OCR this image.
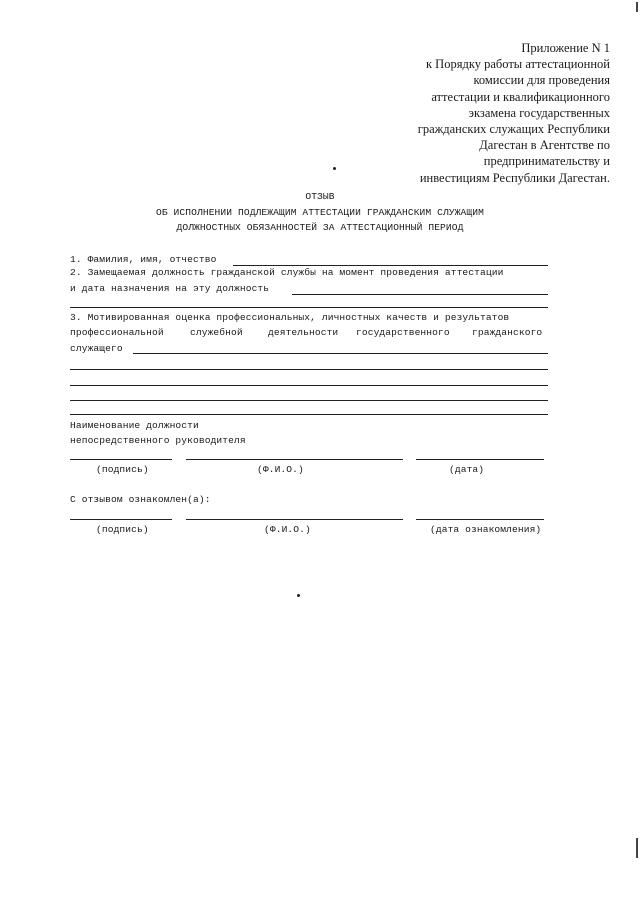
Приложение N 1
к Порядку работы аттестационной
комиссии для проведения
аттестации и квалификационного
экзамена государственных
гражданских служащих Республики
Дагестан в Агентстве по
предпринимательству и
инвестициям Республики Дагестан.
ОТЗЫВ
ОБ ИСПОЛНЕНИИ ПОДЛЕЖАЩИМ АТТЕСТАЦИИ ГРАЖДАНСКИМ СЛУЖАЩИМ
ДОЛЖНОСТНЫХ ОБЯЗАННОСТЕЙ ЗА АТТЕСТАЦИОННЫЙ ПЕРИОД
1. Фамилия, имя, отчество
2. Замещаемая должность гражданской службы на момент проведения аттестации
и дата назначения на эту должность
3. Мотивированная оценка профессиональных, личностных качеств и результатов
профессиональной	служебной	деятельности государственного гражданского
служащего
Наименование должности
непосредственного руководителя
(подпись)	(Ф.И.О.)	(дата)
С отзывом ознакомлен(а):
(подпись)	(Ф.И.О.)	(дата ознакомления)
